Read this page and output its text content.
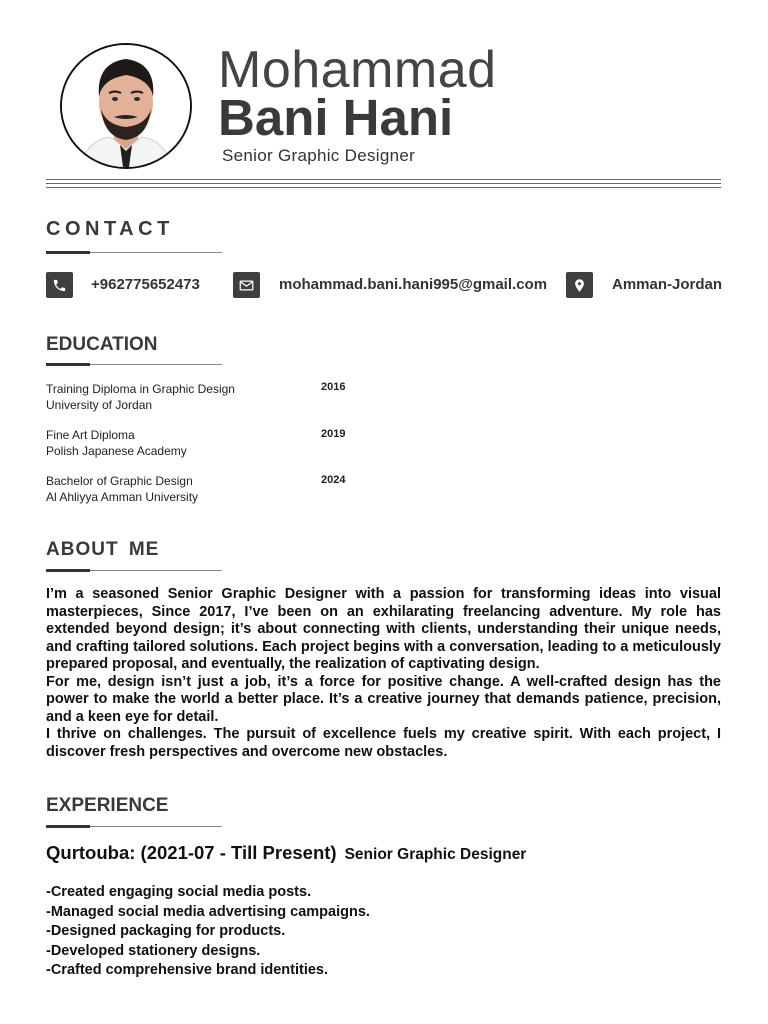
Mohammad
Bani Hani
Senior Graphic Designer
CONTACT
+962775652473	mohammad.bani.hani995@gmail.com	Amman-Jordan
EDUCATION
Training Diploma in Graphic Design
University of Jordan
2016
Fine Art Diploma
Polish Japanese Academy
2019
Bachelor of Graphic Design
Al Ahliyya Amman University
2024
ABOUT ME

I’m a seasoned Senior Graphic Designer with a passion for transforming ideas into visual masterpieces, Since 2017, I’ve been on an exhilarating freelancing adventure. My role has extended beyond design; it’s about connecting with clients, understanding their unique needs, and crafting tailored solutions. Each project begins with a conversation, leading to a meticulously prepared proposal, and eventually, the realization of captivating design.

For me, design isn’t just a job, it’s a force for positive change. A well-crafted design has the power to make the world a better place. It’s a creative journey that demands patience, precision, and a keen eye for detail.

I thrive on challenges. The pursuit of excellence fuels my creative spirit. With each project, I discover fresh perspectives and overcome new obstacles.

EXPERIENCE
Qurtouba: (2021-07 - Till Present) Senior Graphic Designer
-Created engaging social media posts.
-Managed social media advertising campaigns.
-Designed packaging for products.
-Developed stationery designs.
-Crafted comprehensive brand identities.
